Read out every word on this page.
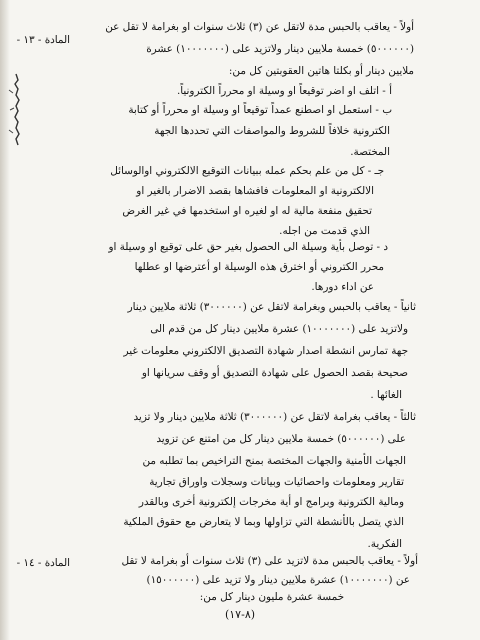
المادة - ١٣ -
أولاً - يعاقب بالحبس مدة لاتقل عن (٣) ثلاث سنوات او بغرامة لا تقل عن
(٥٠٠٠٠٠٠) خمسة ملايين دينار ولاتزيد على (١٠٠٠٠٠٠٠) عشرة
ملايين دينار أو بكلتا هاتين العقوبتين كل من:
أ - اتلف او اضر توقيعاً او وسيلة او محرراً الكترونياً.
ب - استعمل او اصطنع عمداً توقيعاً او وسيلة او محرراً أو كتابة
الكترونية خلافاً للشروط والمواصفات التي تحددها الجهة
المختصة.
جـ - كل من علم بحكم عمله ببيانات التوقيع الالكتروني اوالوسائل
الالكترونية او المعلومات فافشاها بقصد الاضرار بالغير او
تحقيق منفعة مالية له او لغيره او استخدمها في غير الغرض
الذي قدمت من اجله.
د - توصل بأية وسيلة الى الحصول بغير حق على توقيع او وسيلة او
محرر الكتروني أو اخترق هذه الوسيلة او أعترضها او عطلها
عن اداء دورها.
ثانياً - يعاقب بالحبس وبغرامة لاتقل عن (٣٠٠٠٠٠٠) ثلاثة ملايين دينار
ولاتزيد على (١٠٠٠٠٠٠٠) عشرة ملايين دينار كل من قدم الى
جهة تمارس انشطة اصدار شهادة التصديق الالكتروني معلومات غير
صحيحة بقصد الحصول على شهادة التصديق أو وقف سريانها او
الغائها .
ثالثاً - يعاقب بغرامة لاتقل عن (٣٠٠٠٠٠٠) ثلاثة ملايين دينار ولا تزيد
على (٥٠٠٠٠٠٠) خمسة ملايين دينار كل من امتنع عن تزويد
الجهات الأمنية والجهات المختصة بمنح التراخيص بما تطلبه من
تقارير ومعلومات واحصائيات وبيانات وسجلات واوراق تجارية
ومالية الكترونية وبرامج او أية مخرجات إلكترونية أخرى وبالقدر
الذي يتصل بالأنشطة التي تزاولها وبما لا يتعارض مع حقوق الملكية
الفكرية.
المادة - ١٤ -	أولاً - يعاقب بالحبس مدة لاتزيد على (٣) ثلاث سنوات أو بغرامة لا تقل
عن (١٠٠٠٠٠٠٠) عشرة ملايين دينار ولا تزيد على (١٥٠٠٠٠٠٠)
خمسة عشرة مليون دينار كل من:
(٨-١٧)
